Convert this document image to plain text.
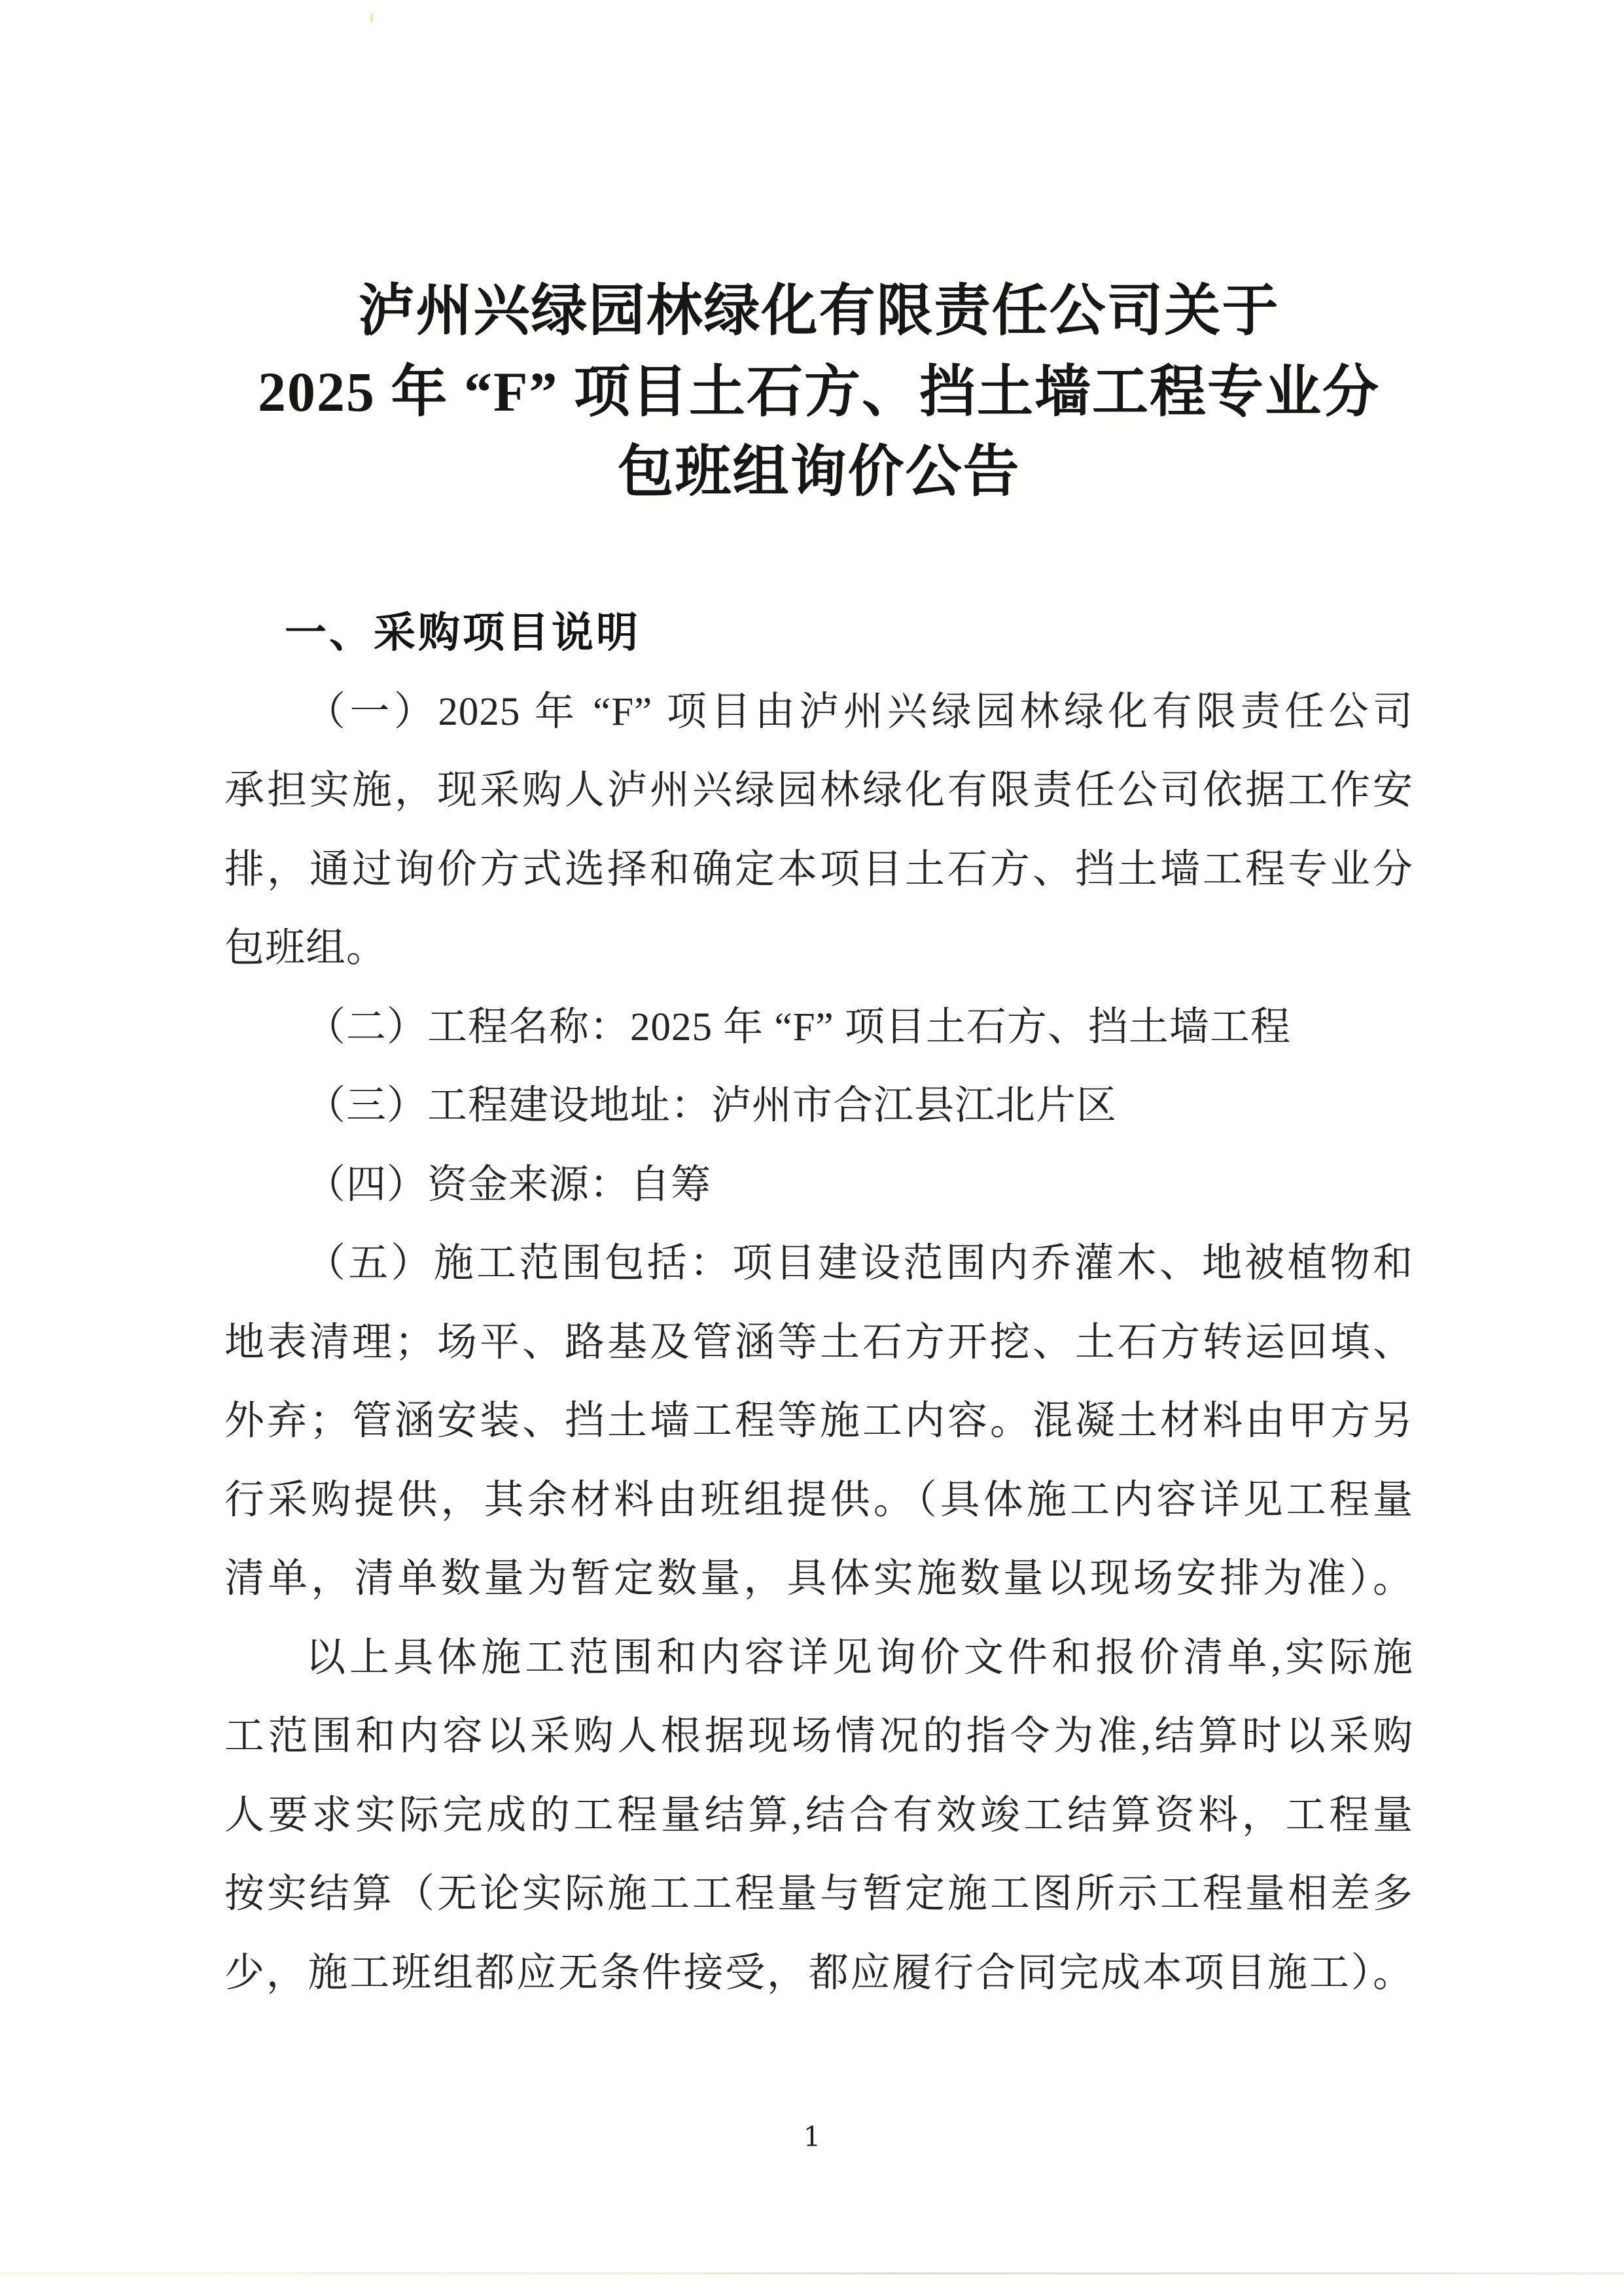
泸州兴绿园林绿化有限责任公司关于
2025 年 “F” 项目土石方、挡土墙工程专业分
包班组询价公告
一、采购项目说明
（一）2025 年 “F” 项目由泸州兴绿园林绿化有限责任公司
承担实施，现采购人泸州兴绿园林绿化有限责任公司依据工作安
排，通过询价方式选择和确定本项目土石方、挡土墙工程专业分
包班组。
（二）工程名称：2025 年 “F” 项目土石方、挡土墙工程
（三）工程建设地址：泸州市合江县江北片区
（四）资金来源：自筹
（五）施工范围包括：项目建设范围内乔灌木、地被植物和
地表清理；场平、路基及管涵等土石方开挖、土石方转运回填、
外弃；管涵安装、挡土墙工程等施工内容。混凝土材料由甲方另
行采购提供，其余材料由班组提供。（具体施工内容详见工程量
清单，清单数量为暂定数量，具体实施数量以现场安排为准）。
以上具体施工范围和内容详见询价文件和报价清单,实际施
工范围和内容以采购人根据现场情况的指令为准,结算时以采购
人要求实际完成的工程量结算,结合有效竣工结算资料，工程量
按实结算（无论实际施工工程量与暂定施工图所示工程量相差多
少，施工班组都应无条件接受，都应履行合同完成本项目施工）。
1
